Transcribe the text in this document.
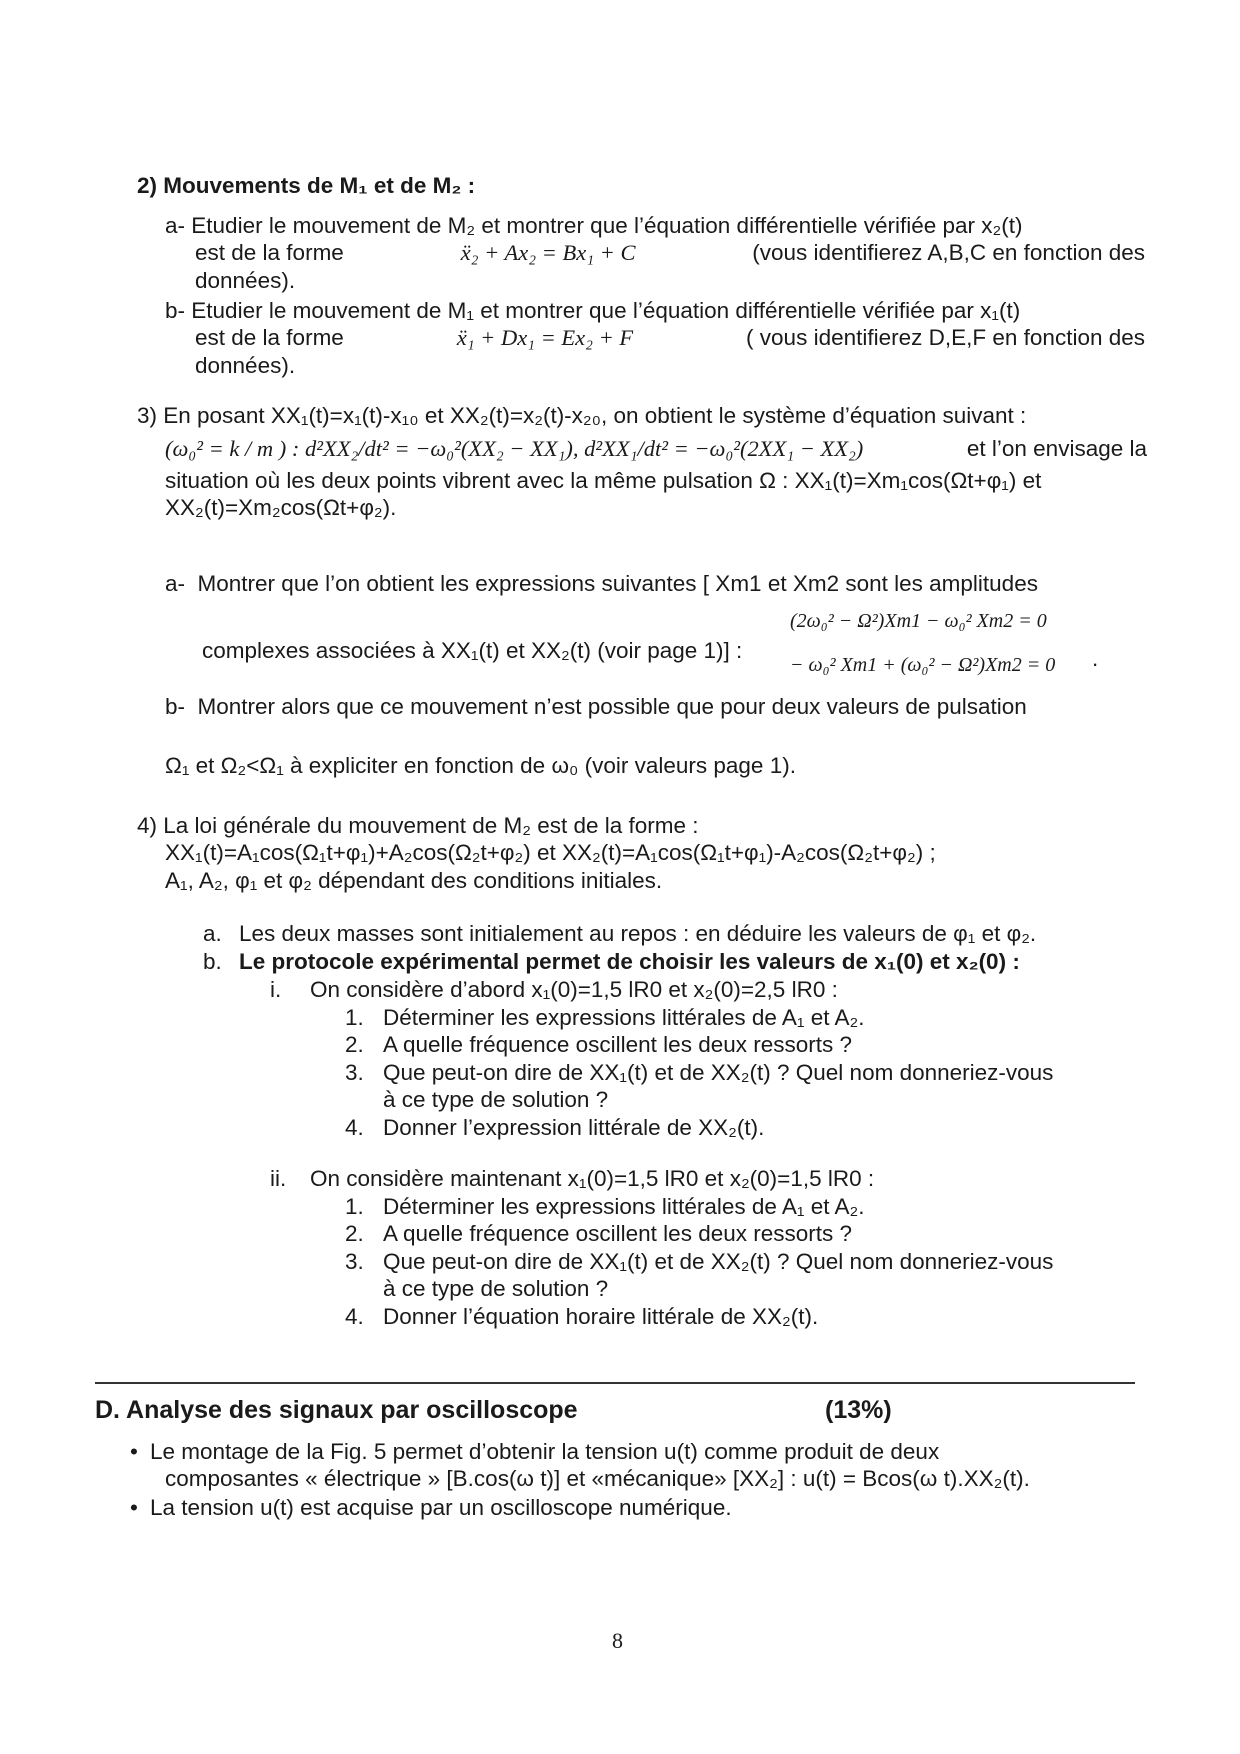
2) Mouvements de M₁ et de M₂ :
a- Etudier le mouvement de M₂ et montrer que l’équation différentielle vérifiée par x₂(t)
est de la forme	ẍ₂ + Ax₂ = Bx₁ + C	(vous identifierez A,B,C en fonction des
données).
b- Etudier le mouvement de M₁ et montrer que l’équation différentielle vérifiée par x₁(t)
est de la forme	ẍ₁ + Dx₁ = Ex₂ + F	( vous identifierez D,E,F en fonction des
données).
3) En posant XX₁(t)=x₁(t)-x₁₀ et XX₂(t)=x₂(t)-x₂₀, on obtient le système d’équation suivant :
(ω₀² = k / m ) : d²XX₂/dt² = −ω₀²(XX₂ − XX₁), d²XX₁/dt² = −ω₀²(2XX₁ − XX₂)	et l’on envisage la
situation où les deux points vibrent avec la même pulsation Ω : XX₁(t)=Xm₁cos(Ωt+φ₁) et
XX₂(t)=Xm₂cos(Ωt+φ₂).
a- Montrer que l’on obtient les expressions suivantes [ Xm1 et Xm2 sont les amplitudes
(2ω₀² − Ω²)Xm1 − ω₀² Xm2 = 0
complexes associées à XX₁(t) et XX₂(t) (voir page 1)] :
− ω₀² Xm1 + (ω₀² − Ω²)Xm2 = 0 .
b- Montrer alors que ce mouvement n’est possible que pour deux valeurs de pulsation
Ω₁ et Ω₂<Ω₁ à expliciter en fonction de ω₀ (voir valeurs page 1).
4) La loi générale du mouvement de M₂ est de la forme :
XX₁(t)=A₁cos(Ω₁t+φ₁)+A₂cos(Ω₂t+φ₂) et XX₂(t)=A₁cos(Ω₁t+φ₁)-A₂cos(Ω₂t+φ₂) ;
A₁, A₂, φ₁ et φ₂ dépendant des conditions initiales.
a. Les deux masses sont initialement au repos : en déduire les valeurs de φ₁ et φ₂.
b. Le protocole expérimental permet de choisir les valeurs de x₁(0) et x₂(0) :
i. On considère d’abord x₁(0)=1,5 lR0 et x₂(0)=2,5 lR0 :
1. Déterminer les expressions littérales de A₁ et A₂.
2. A quelle fréquence oscillent les deux ressorts ?
3. Que peut-on dire de XX₁(t) et de XX₂(t) ? Quel nom donneriez-vous
à ce type de solution ?
4. Donner l’expression littérale de XX₂(t).
ii. On considère maintenant x₁(0)=1,5 lR0 et x₂(0)=1,5 lR0 :
1. Déterminer les expressions littérales de A₁ et A₂.
2. A quelle fréquence oscillent les deux ressorts ?
3. Que peut-on dire de XX₁(t) et de XX₂(t) ? Quel nom donneriez-vous
à ce type de solution ?
4. Donner l’équation horaire littérale de XX₂(t).
D. Analyse des signaux par oscilloscope	(13%)
• Le montage de la Fig. 5 permet d’obtenir la tension u(t) comme produit de deux
composantes « électrique » [B.cos(ω t)] et «mécanique» [XX₂] : u(t) = Bcos(ω t).XX₂(t).
• La tension u(t) est acquise par un oscilloscope numérique.
8
